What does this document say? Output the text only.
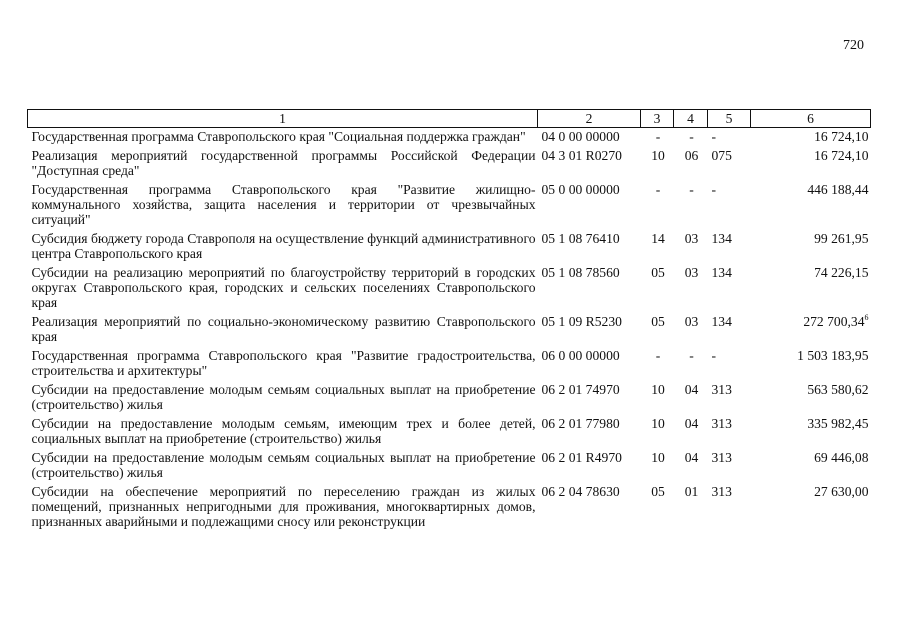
720
1	2	3	4	5	6
Государственная программа Ставропольского края "Социальная поддержка граждан"	04 0 00 00000	-	-	-	16 724,10
Реализация мероприятий государственной программы Российской Федерации "Доступная среда"	04 3 01 R0270	10	06	075	16 724,10
Государственная программа Ставропольского края "Развитие жилищно-коммунального хозяйства, защита населения и территории от чрезвычайных ситуаций"	05 0 00 00000	-	-	-	446 188,44
Субсидия бюджету города Ставрополя на осуществление функций административного центра Ставропольского края	05 1 08 76410	14	03	134	99 261,95
Субсидии на реализацию мероприятий по благоустройству территорий в городских округах Ставропольского края, городских и сельских поселениях Ставропольского края	05 1 08 78560	05	03	134	74 226,15
Реализация мероприятий по социально-экономическому развитию Ставропольского края	05 1 09 R5230	05	03	134	272 700,34$^6$
Государственная программа Ставропольского края "Развитие градостроительства, строительства и архитектуры"	06 0 00 00000	-	-	-	1 503 183,95
Субсидии на предоставление молодым семьям социальных выплат на приобретение (строительство) жилья	06 2 01 74970	10	04	313	563 580,62
Субсидии на предоставление молодым семьям, имеющим трех и более детей, социальных выплат на приобретение (строительство) жилья	06 2 01 77980	10	04	313	335 982,45
Субсидии на предоставление молодым семьям социальных выплат на приобретение (строительство) жилья	06 2 01 R4970	10	04	313	69 446,08
Субсидии на обеспечение мероприятий по переселению граждан из жилых помещений, признанных непригодными для проживания, многоквартирных домов, признанных аварийными и подлежащими сносу или реконструкции	06 2 04 78630	05	01	313	27 630,00
